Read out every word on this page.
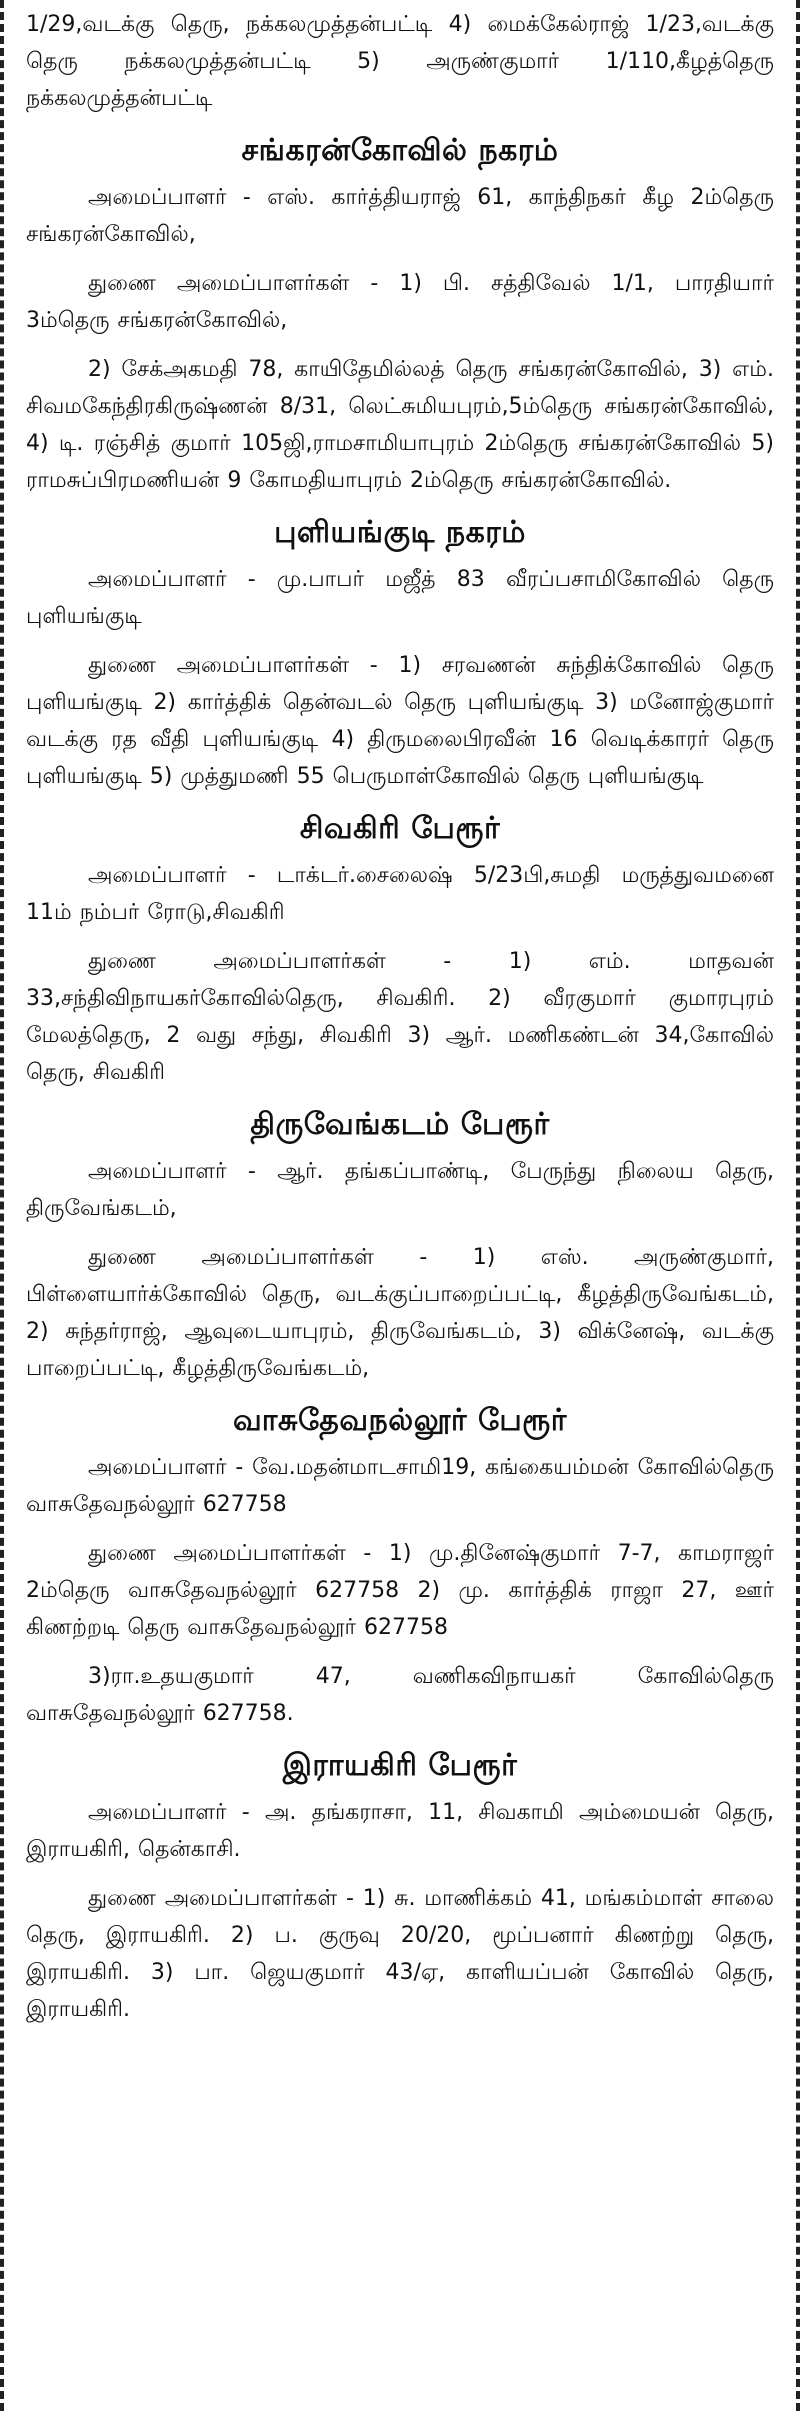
1/29,வடக்கு தெரு, நக்கலமுத்தன்பட்டி 4) மைக்கேல்ராஜ் 1/23,வடக்கு தெரு நக்கலமுத்தன்பட்டி 5) அருண்குமார் 1/110,கீழத்தெரு நக்கலமுத்தன்பட்டி

சங்கரன்கோவில் நகரம்

அமைப்பாளர் - எஸ். கார்த்தியராஜ் 61, காந்திநகர் கீழ 2ம்தெரு சங்கரன்கோவில்,

துணை அமைப்பாளர்கள் - 1) பி. சத்திவேல் 1/1, பாரதியார் 3ம்தெரு சங்கரன்கோவில்,

2) சேக்அகமதி 78, காயிதேமில்லத் தெரு சங்கரன்கோவில், 3) எம். சிவமகேந்திரகிருஷ்ணன் 8/31, லெட்சுமியபுரம்,5ம்தெரு சங்கரன்கோவில், 4) டி. ரஞ்சித் குமார் 105ஜி,ராமசாமியாபுரம் 2ம்தெரு சங்கரன்கோவில் 5) ராமசுப்பிரமணியன் 9 கோமதியாபுரம் 2ம்தெரு சங்கரன்கோவில்.

புளியங்குடி நகரம்

அமைப்பாளர் - மு.பாபர் மஜீத் 83 வீரப்பசாமிகோவில் தெரு புளியங்குடி

துணை அமைப்பாளர்கள் - 1) சரவணன் சுந்திக்கோவில் தெரு புளியங்குடி 2) கார்த்திக் தென்வடல் தெரு புளியங்குடி 3) மனோஜ்குமார் வடக்கு ரத வீதி புளியங்குடி 4) திருமலைபிரவீன் 16 வெடிக்காரர் தெரு புளியங்குடி 5) முத்துமணி 55 பெருமாள்கோவில் தெரு புளியங்குடி

சிவகிரி பேரூர்

அமைப்பாளர் - டாக்டர்.சைலைஷ் 5/23பி,சுமதி மருத்துவமனை 11ம் நம்பர் ரோடு,சிவகிரி

துணை அமைப்பாளர்கள் - 1) எம். மாதவன் 33,சந்திவிநாயகர்கோவில்தெரு, சிவகிரி. 2) வீரகுமார் குமாரபுரம் மேலத்தெரு, 2 வது சந்து, சிவகிரி 3) ஆர். மணிகண்டன் 34,கோவில் தெரு, சிவகிரி

திருவேங்கடம் பேரூர்

அமைப்பாளர் - ஆர். தங்கப்பாண்டி, பேருந்து நிலைய தெரு, திருவேங்கடம்,

துணை அமைப்பாளர்கள் - 1) எஸ். அருண்குமார், பிள்ளையார்க்கோவில் தெரு, வடக்குப்பாறைப்பட்டி, கீழத்திருவேங்கடம், 2) சுந்தர்ராஜ், ஆவுடையாபுரம், திருவேங்கடம், 3) விக்னேஷ், வடக்கு பாறைப்பட்டி, கீழத்திருவேங்கடம்,

வாசுதேவநல்லூர் பேரூர்

அமைப்பாளர் - வே.மதன்மாடசாமி19, கங்கையம்மன் கோவில்தெரு வாசுதேவநல்லூர் 627758

துணை அமைப்பாளர்கள் - 1) மு.தினேஷ்குமார் 7-7, காமராஜர் 2ம்தெரு வாசுதேவநல்லூர் 627758 2) மு. கார்த்திக் ராஜா 27, ஊர் கிணற்றடி தெரு வாசுதேவநல்லூர் 627758

3)ரா.உதயகுமார் 47, வணிகவிநாயகர் கோவில்தெரு வாசுதேவநல்லூர் 627758.

இராயகிரி பேரூர்

அமைப்பாளர் - அ. தங்கராசா, 11, சிவகாமி அம்மையன் தெரு, இராயகிரி, தென்காசி.

துணை அமைப்பாளர்கள் - 1) சு. மாணிக்கம் 41, மங்கம்மாள் சாலை தெரு, இராயகிரி. 2) ப. குருவு 20/20, மூப்பனார் கிணற்று தெரு, இராயகிரி. 3) பா. ஜெயகுமார் 43/ஏ, காளியப்பன் கோவில் தெரு, இராயகிரி.
